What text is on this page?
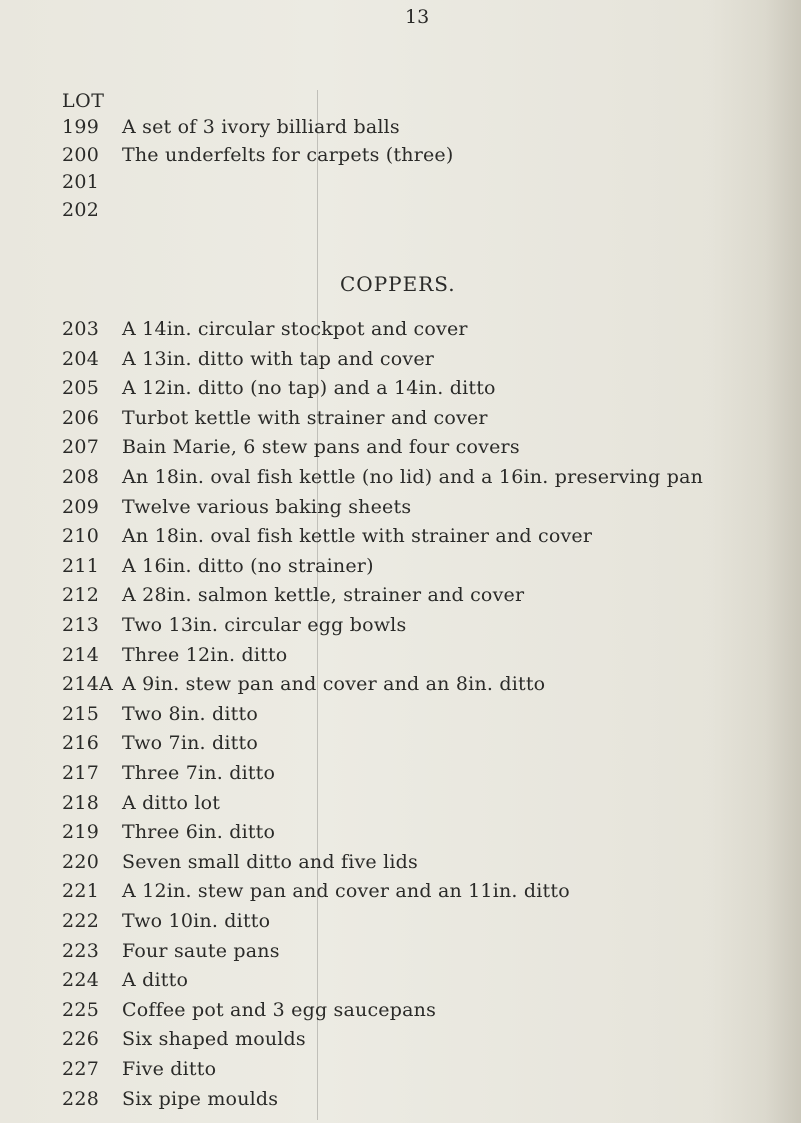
13
LOT
199 A set of 3 ivory billiard balls
200 The underfelts for carpets (three)
201
202
COPPERS.
203 A 14in. circular stockpot and cover
204 A 13in. ditto with tap and cover
205 A 12in. ditto (no tap) and a 14in. ditto
206 Turbot kettle with strainer and cover
207 Bain Marie, 6 stew pans and four covers
208 An 18in. oval fish kettle (no lid) and a 16in. preserving pan
209 Twelve various baking sheets
210 An 18in. oval fish kettle with strainer and cover
211 A 16in. ditto (no strainer)
212 A 28in. salmon kettle, strainer and cover
213 Two 13in. circular egg bowls
214 Three 12in. ditto
214A A 9in. stew pan and cover and an 8in. ditto
215 Two 8in. ditto
216 Two 7in. ditto
217 Three 7in. ditto
218 A ditto lot
219 Three 6in. ditto
220 Seven small ditto and five lids
221 A 12in. stew pan and cover and an 11in. ditto
222 Two 10in. ditto
223 Four saute pans
224 A ditto
225 Coffee pot and 3 egg saucepans
226 Six shaped moulds
227 Five ditto
228 Six pipe moulds
